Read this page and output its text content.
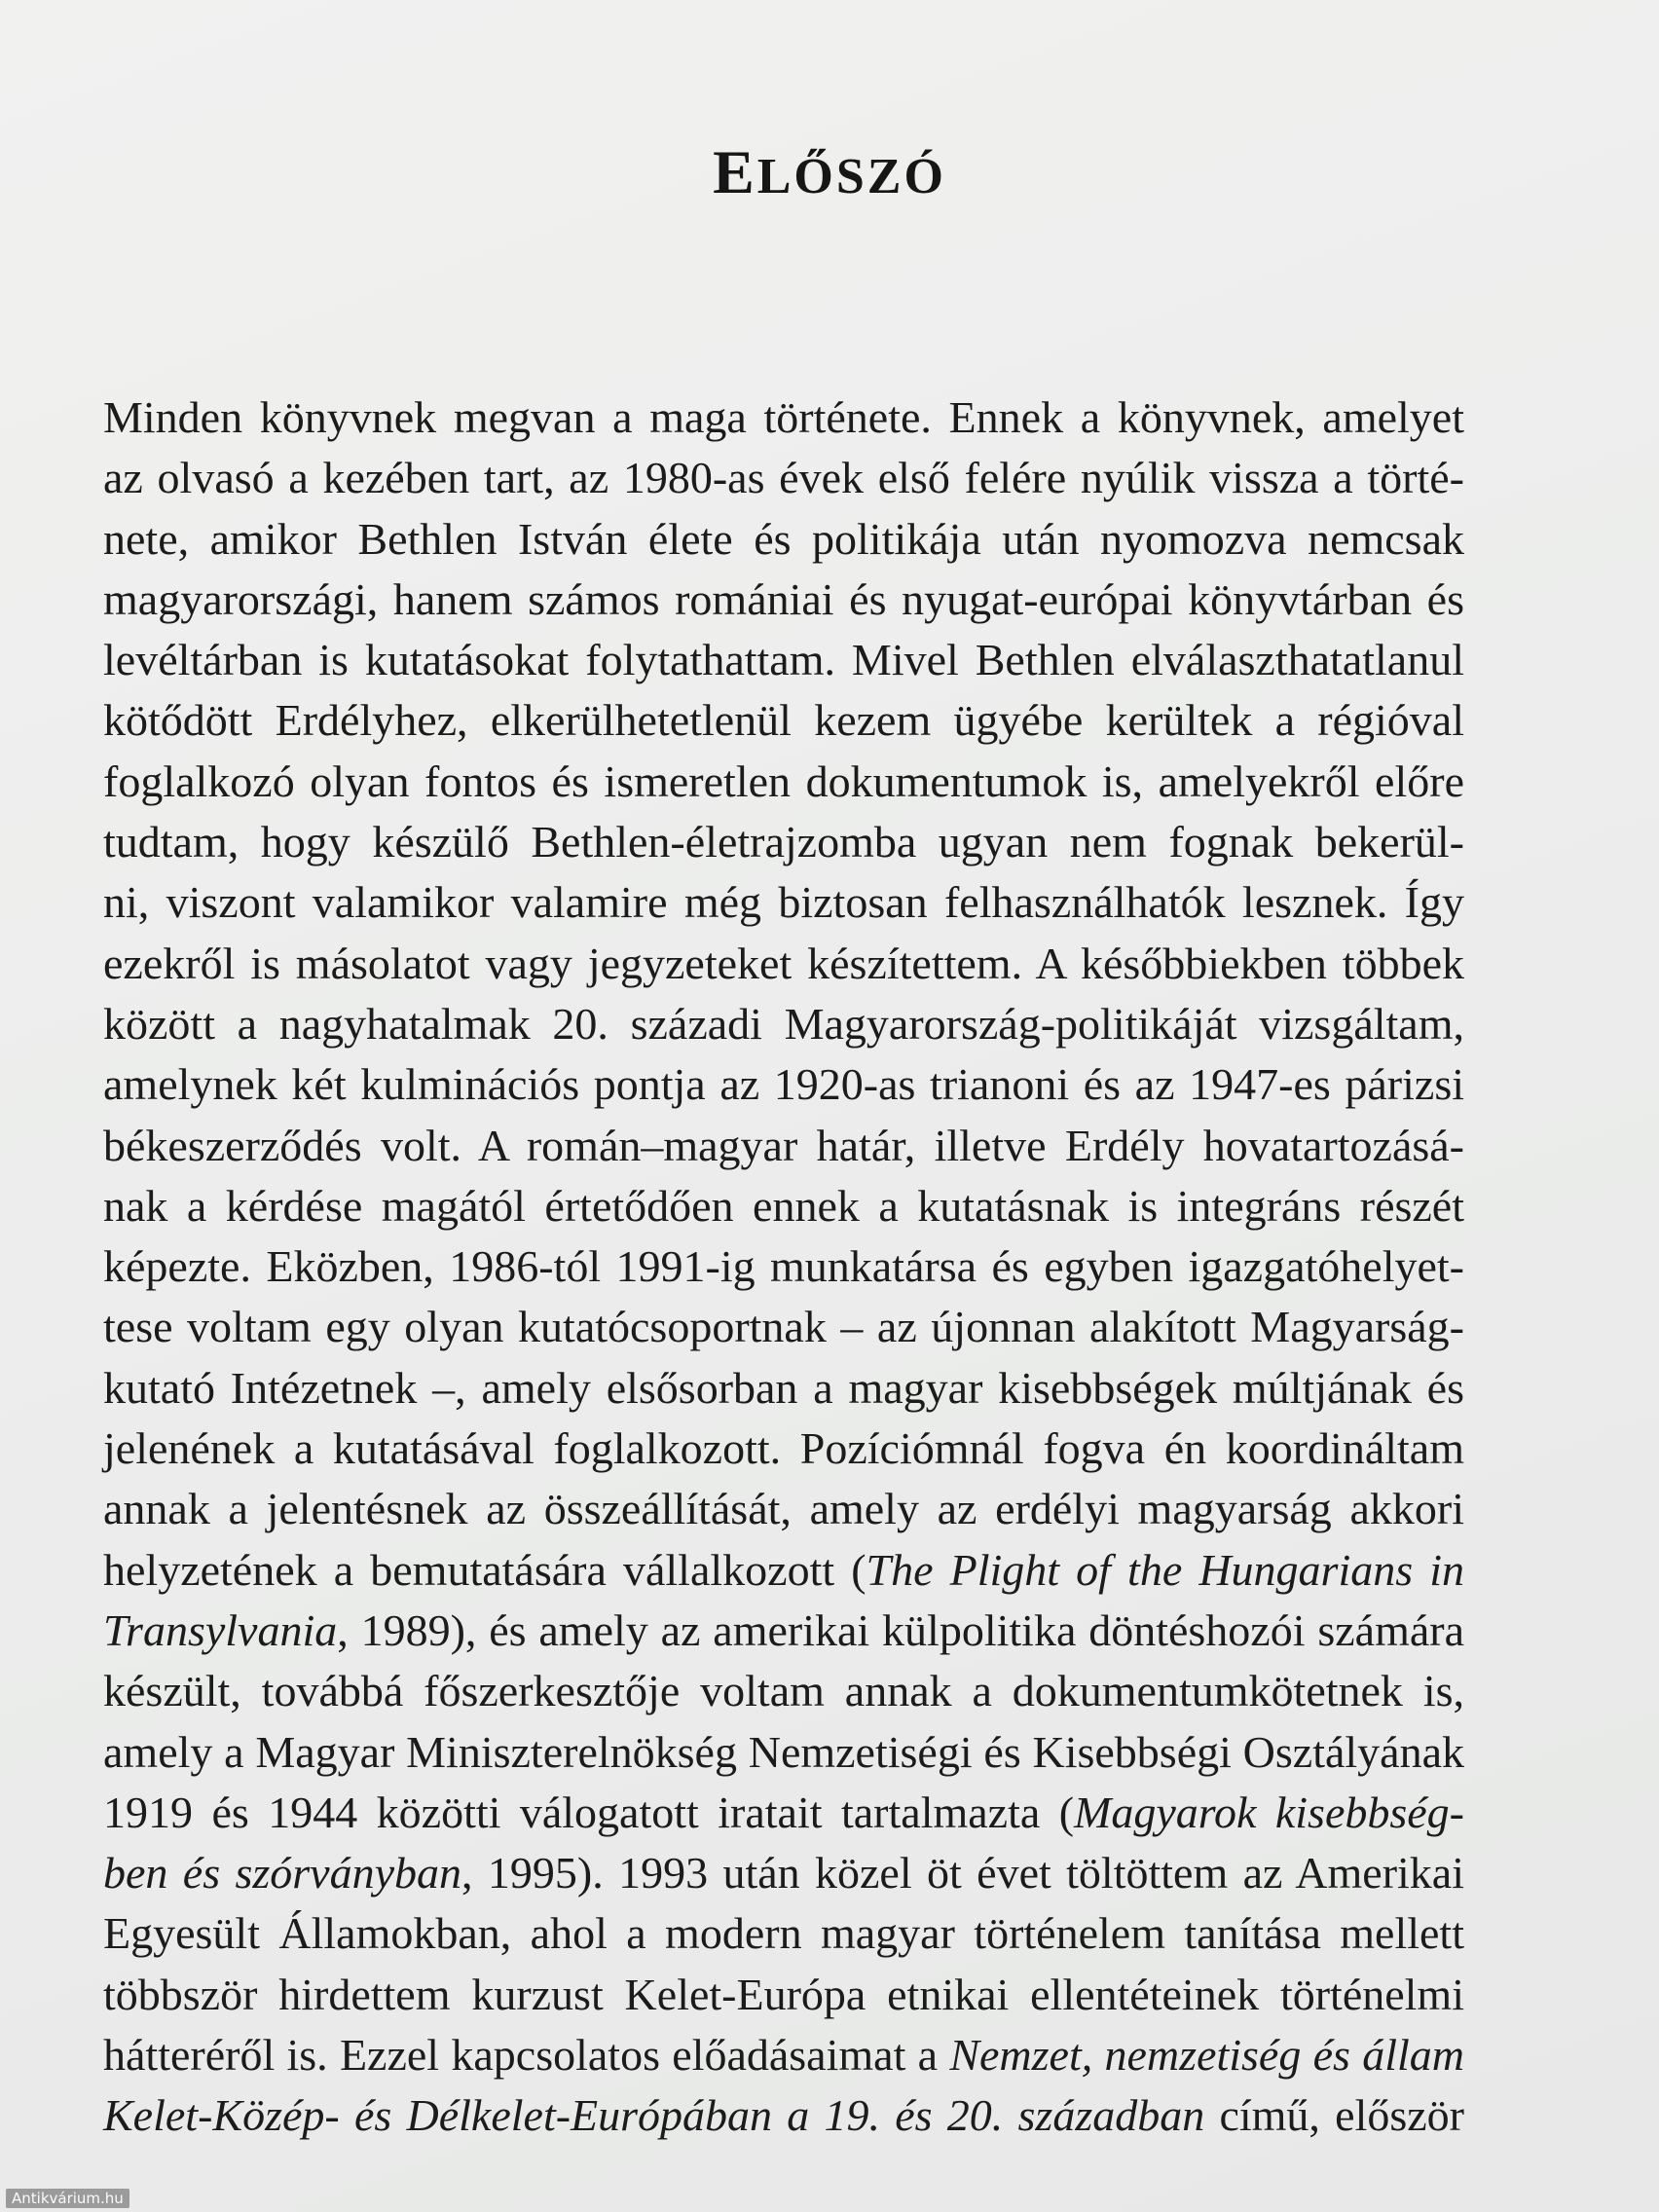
ELŐSZÓ
Minden könyvnek megvan a maga története. Ennek a könyvnek, amelyet
az olvasó a kezében tart, az 1980-as évek első felére nyúlik vissza a törté-
nete, amikor Bethlen István élete és politikája után nyomozva nemcsak
magyarországi, hanem számos romániai és nyugat-európai könyvtárban és
levéltárban is kutatásokat folytathattam. Mivel Bethlen elválaszthatatlanul
kötődött Erdélyhez, elkerülhetetlenül kezem ügyébe kerültek a régióval
foglalkozó olyan fontos és ismeretlen dokumentumok is, amelyekről előre
tudtam, hogy készülő Bethlen-életrajzomba ugyan nem fognak bekerül-
ni, viszont valamikor valamire még biztosan felhasználhatók lesznek. Így
ezekről is másolatot vagy jegyzeteket készítettem. A későbbiekben többek
között a nagyhatalmak 20. századi Magyarország-politikáját vizsgáltam,
amelynek két kulminációs pontja az 1920-as trianoni és az 1947-es párizsi
békeszerződés volt. A román–magyar határ, illetve Erdély hovatartozásá-
nak a kérdése magától értetődően ennek a kutatásnak is integráns részét
képezte. Eközben, 1986-tól 1991-ig munkatársa és egyben igazgatóhelyet-
tese voltam egy olyan kutatócsoportnak – az újonnan alakított Magyarság-
kutató Intézetnek –, amely elsősorban a magyar kisebbségek múltjának és
jelenének a kutatásával foglalkozott. Pozíciómnál fogva én koordináltam
annak a jelentésnek az összeállítását, amely az erdélyi magyarság akkori
helyzetének a bemutatására vállalkozott (The Plight of the Hungarians in
Transylvania, 1989), és amely az amerikai külpolitika döntéshozói számára
készült, továbbá főszerkesztője voltam annak a dokumentumkötetnek is,
amely a Magyar Miniszterelnökség Nemzetiségi és Kisebbségi Osztályának
1919 és 1944 közötti válogatott iratait tartalmazta (Magyarok kisebbség-
ben és szórványban, 1995). 1993 után közel öt évet töltöttem az Amerikai
Egyesült Államokban, ahol a modern magyar történelem tanítása mellett
többször hirdettem kurzust Kelet-Európa etnikai ellentéteinek történelmi
hátteréről is. Ezzel kapcsolatos előadásaimat a Nemzet, nemzetiség és állam
Kelet-Közép- és Délkelet-Európában a 19. és 20. században című, először
Antikvárium.hu
